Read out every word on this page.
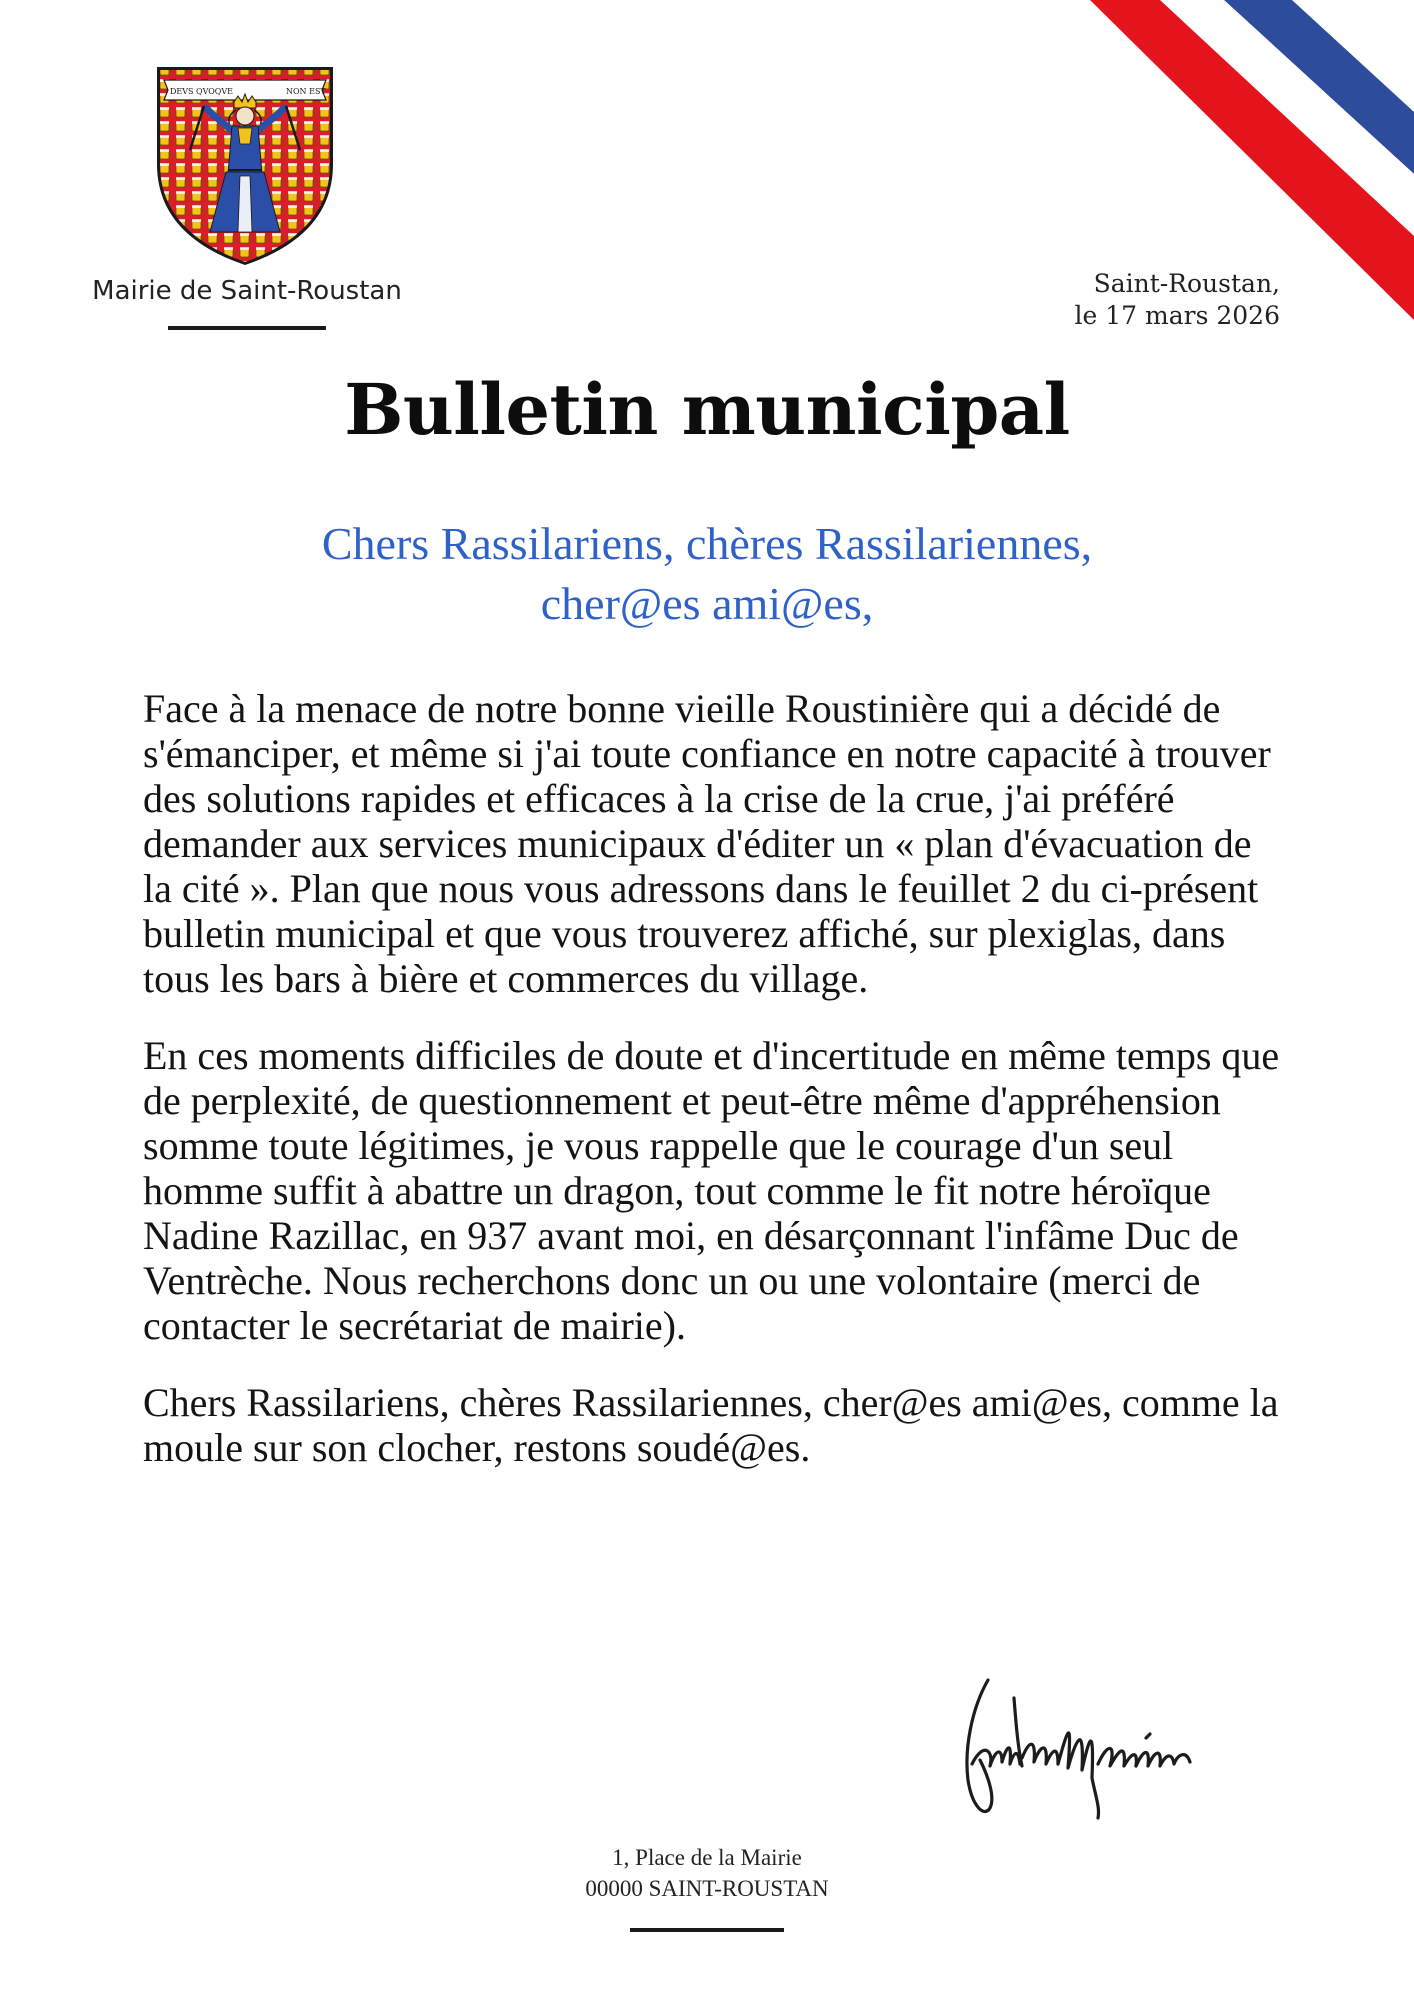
DEVS QVOQVE	NON EST
Mairie de Saint-Roustan	Saint-Roustan,
le 17 mars 2026
Bulletin municipal
Chers Rassilariens, chères Rassilariennes,
cher@es ami@es,

Face à la menace de notre bonne vieille Roustinière qui a décidé de s'émanciper, et même si j'ai toute confiance en notre capacité à trouver des solutions rapides et efficaces à la crise de la crue, j'ai préféré demander aux services municipaux d'éditer un « plan d'évacuation de la cité ». Plan que nous vous adressons dans le feuillet 2 du ci-présent bulletin municipal et que vous trouverez affiché, sur plexiglas, dans tous les bars à bière et commerces du village.

En ces moments difficiles de doute et d'incertitude en même temps que de perplexité, de questionnement et peut-être même d'appréhension somme toute légitimes, je vous rappelle que le courage d'un seul homme suffit à abattre un dragon, tout comme le fit notre héroïque Nadine Razillac, en 937 avant moi, en désarçonnant l'infâme Duc de Ventrèche. Nous recherchons donc un ou une volontaire (merci de contacter le secrétariat de mairie).

Chers Rassilariens, chères Rassilariennes, cher@es ami@es, comme la moule sur son clocher, restons soudé@es.

1, Place de la Mairie
00000 SAINT-ROUSTAN
